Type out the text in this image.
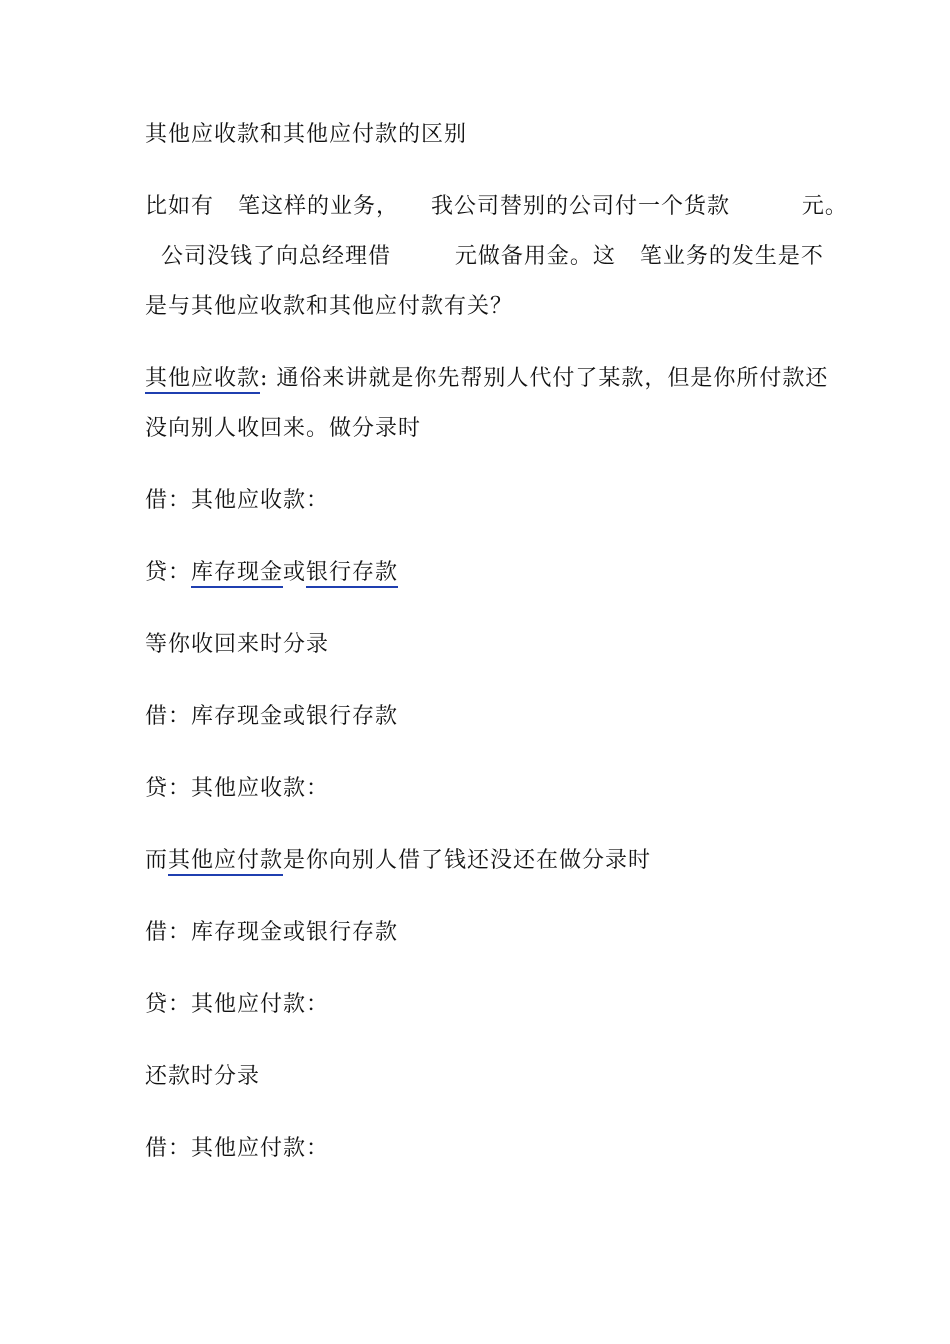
其他应收款和其他应付款的区别
比如有   笔这样的业务，    我公司替别的公司付一个货款         元。
公司没钱了向总经理借        元做备用金。这   笔业务的发生是不
是与其他应收款和其他应付款有关？
其他应收款: 通俗来讲就是你先帮别人代付了某款，但是你所付款还
没向别人收回来。做分录时
借：其他应收款：
贷：库存现金或银行存款
等你收回来时分录
借：库存现金或银行存款
贷：其他应收款：
而其他应付款是你向别人借了钱还没还在做分录时
借：库存现金或银行存款
贷：其他应付款：
还款时分录
借：其他应付款：
